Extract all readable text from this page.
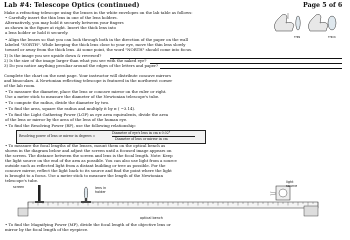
Lab #4: Telescope Optics (continued)	Page 5 of 6
Make a refracting telescope using the lenses in the white envelopes on the lab table as follows:
• Carefully insert the thin lens in one of the lens holders.
Alternatively, you may hold it securely between your fingers
as shown in the figure at right. Insert the thick lens into
a lens holder or hold it securely.
• Align the lenses so that you can look through both in the direction of the paper on the wall
labeled "NORTH". While keeping the thick lens close to your eye, move the thin lens slowly
toward or away from the thick lens. At some point, the word "NORTH" should come into focus.
1) Is the image you see upside down & reversed?
2) Is the size of the image larger than what you see with the naked eye?
3) Do you notice anything peculiar around the edges of the letters and paper?
THIN	THICK
Complete the chart on the next page. Your instructor will distribute concave mirrors
and binoculars. A Newtonian reflecting telescope is featured in the northwest corner
of the lab room.
• To measure the diameter, place the lens or concave mirror on the ruler or right.
Use a meter stick to measure the diameter of the Newtonian telescope's tube.
• To compute the radius, divide the diameter by two.
• To find the area, square the radius and multiply it by π ( ~3.14).
• To find the Light Gathering Power (LGP) as eye area equivalents, divide the area
of the lens or mirror by the area of the lens of the human eye.
• To find the Resolving Power (RP), use the following relationship:
Resolving power of lens or mirror in degrees =
Diameter of eye's lens in cm x 0.02°
Diameter of lens or mirror in cm
• To measure the focal lengths of the lenses, mount them on the optical bench as
shown in the diagram below and adjust the screen until a focused image appears on
the screen. The distance between the screen and lens is the focal length. Note: Keep
the light source on the end of the arm as possible. You can also use light from a source
outside such as reflected light from a distant building or tree as possible. For the
concave mirror, reflect the light back to its source and find the point where the light
is brought to a focus. Use a meter stick to measure the length of the Newtonian
telescope's tube.
screen	lens in
holder
light
source
optical bench
• To find the Magnifying Power (MP), divide the focal length of the objective lens or
mirror by the focal length of the eyepiece.
